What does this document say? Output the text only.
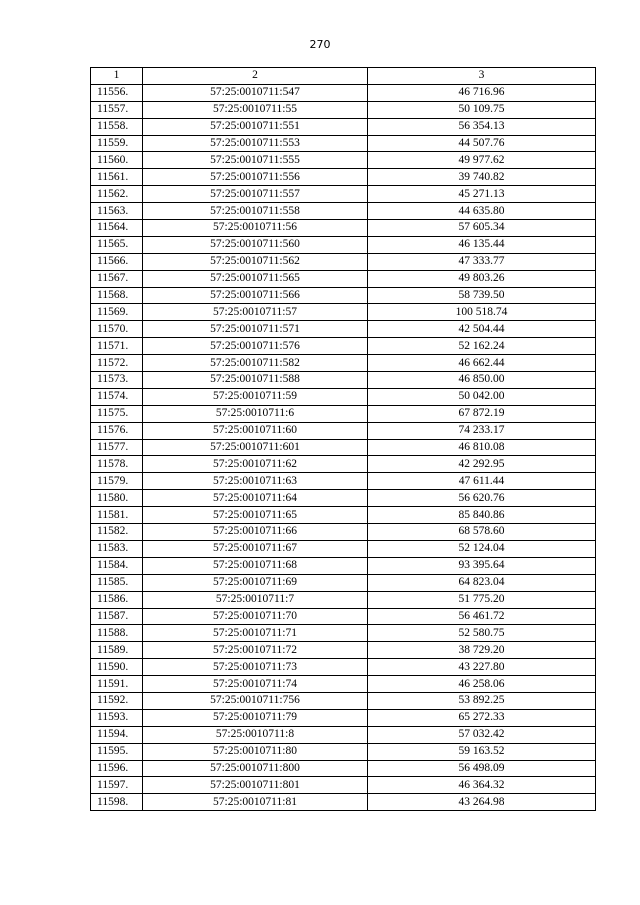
270
1	2	3
11556.	57:25:0010711:547	46 716.96
11557.	57:25:0010711:55	50 109.75
11558.	57:25:0010711:551	56 354.13
11559.	57:25:0010711:553	44 507.76
11560.	57:25:0010711:555	49 977.62
11561.	57:25:0010711:556	39 740.82
11562.	57:25:0010711:557	45 271.13
11563.	57:25:0010711:558	44 635.80
11564.	57:25:0010711:56	57 605.34
11565.	57:25:0010711:560	46 135.44
11566.	57:25:0010711:562	47 333.77
11567.	57:25:0010711:565	49 803.26
11568.	57:25:0010711:566	58 739.50
11569.	57:25:0010711:57	100 518.74
11570.	57:25:0010711:571	42 504.44
11571.	57:25:0010711:576	52 162.24
11572.	57:25:0010711:582	46 662.44
11573.	57:25:0010711:588	46 850.00
11574.	57:25:0010711:59	50 042.00
11575.	57:25:0010711:6	67 872.19
11576.	57:25:0010711:60	74 233.17
11577.	57:25:0010711:601	46 810.08
11578.	57:25:0010711:62	42 292.95
11579.	57:25:0010711:63	47 611.44
11580.	57:25:0010711:64	56 620.76
11581.	57:25:0010711:65	85 840.86
11582.	57:25:0010711:66	68 578.60
11583.	57:25:0010711:67	52 124.04
11584.	57:25:0010711:68	93 395.64
11585.	57:25:0010711:69	64 823.04
11586.	57:25:0010711:7	51 775.20
11587.	57:25:0010711:70	56 461.72
11588.	57:25:0010711:71	52 580.75
11589.	57:25:0010711:72	38 729.20
11590.	57:25:0010711:73	43 227.80
11591.	57:25:0010711:74	46 258.06
11592.	57:25:0010711:756	53 892.25
11593.	57:25:0010711:79	65 272.33
11594.	57:25:0010711:8	57 032.42
11595.	57:25:0010711:80	59 163.52
11596.	57:25:0010711:800	56 498.09
11597.	57:25:0010711:801	46 364.32
11598.	57:25:0010711:81	43 264.98
